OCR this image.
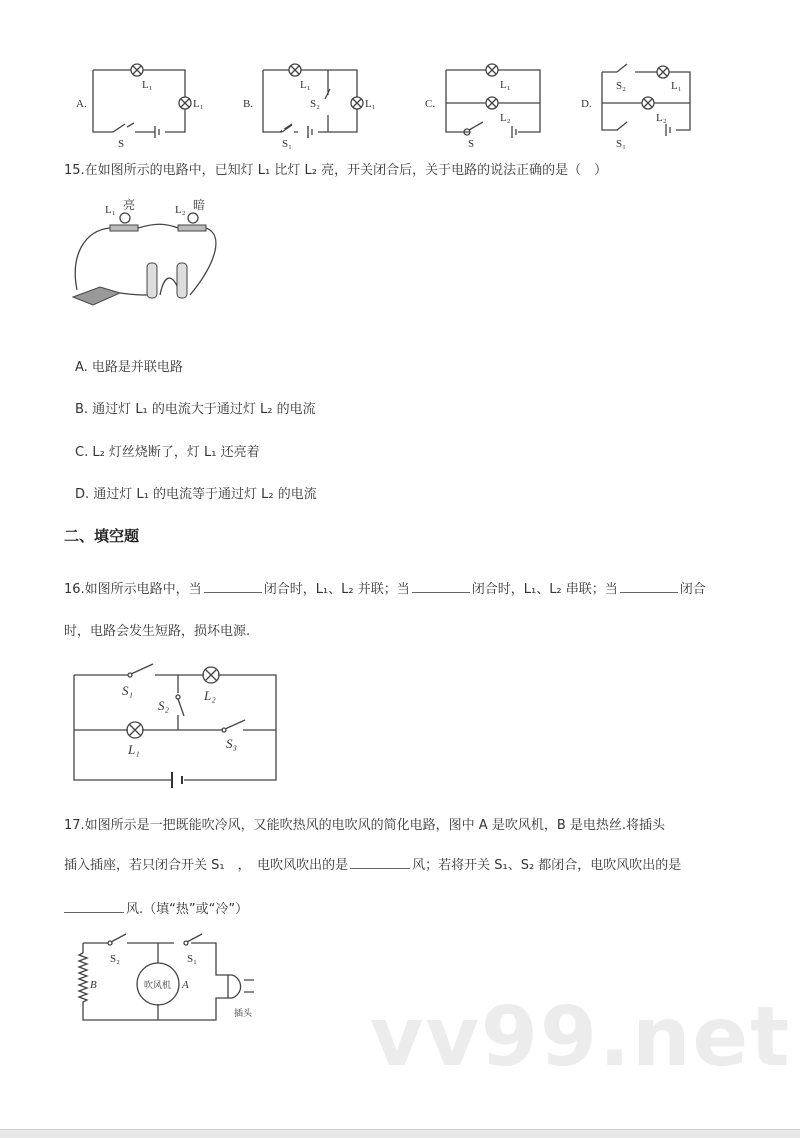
A.
L₁
L₁
S
B.
L₁
L₁
S₂
S₁
C.
L₁
L₂
S
D.
S₂	L₁
L₂
S₁
15.在如图所示的电路中，已知灯 L₁ 比灯 L₂ 亮，开关闭合后，关于电路的说法正确的是（　）
L₁ 亮	L₂ 暗
A. 电路是并联电路
B. 通过灯 L₁ 的电流大于通过灯 L₂ 的电流
C. L₂ 灯丝烧断了，灯 L₁ 还亮着
D. 通过灯 L₁ 的电流等于通过灯 L₂ 的电流
二、填空题
16.如图所示电路中，当	闭合时，L₁、L₂ 并联；当	闭合时，L₁、L₂ 串联；当	闭合
时，电路会发生短路，损坏电源.
S₁
S₂
L₂
L₁	S₃
17.如图所示是一把既能吹冷风，又能吹热风的电吹风的简化电路，图中 A 是吹风机，B 是电热丝.将插头
插入插座，若只闭合开关 S₁　，　电吹风吹出的是	风；若将开关 S₁、S₂ 都闭合，电吹风吹出的是
风.（填“热”或“冷”）
吹风机 A
B
S₂	S₁
插头 vv99.net
